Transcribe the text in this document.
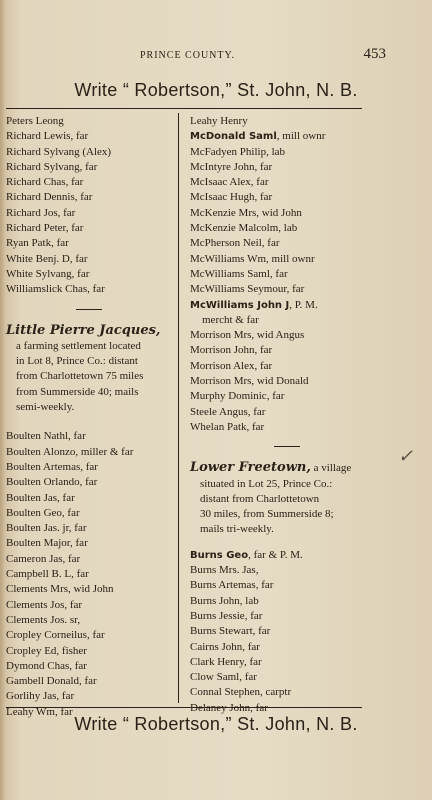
PRINCE COUNTY.	453
Write “ Robertson,” St. John, N. B.
Peters Leong
Richard Lewis, far
Richard Sylvang (Alex)
Richard Sylvang, far
Richard Chas, far
Richard Dennis, far
Richard Jos, far
Richard Peter, far
Ryan Patk, far
White Benj. D, far
White Sylvang, far
Williamslick Chas, far
Little Pierre Jacques,
a farming settlement located
in Lot 8, Prince Co.: distant
from Charlottetown 75 miles
from Summerside 40; mails
semi-weekly.
Boulten Nathl, far
Boulten Alonzo, miller & far
Boulten Artemas, far
Boulten Orlando, far
Boulten Jas, far
Boulten Geo, far
Boulten Jas. jr, far
Boulten Major, far
Cameron Jas, far
Campbell B. L, far
Clements Mrs, wid John
Clements Jos, far
Clements Jos. sr,
Cropley Corneilus, far
Cropley Ed, fisher
Dymond Chas, far
Gambell Donald, far
Gorlihy Jas, far
Leahy Wm, far
Leahy Henry
McDonald Saml, mill ownr
McFadyen Philip, lab
McIntyre John, far
McIsaac Alex, far
McIsaac Hugh, far
McKenzie Mrs, wid John
McKenzie Malcolm, lab
McPherson Neil, far
McWilliams Wm, mill ownr
McWilliams Saml, far
McWilliams Seymour, far
McWilliams John J, P. M.
mercht & far
Morrison Mrs, wid Angus
Morrison John, far
Morrison Alex, far
Morrison Mrs, wid Donald
Murphy Dominic, far
Steele Angus, far
Whelan Patk, far
Lower Freetown, a village
situated in Lot 25, Prince Co.:
distant from Charlottetown
30 miles, from Summerside 8;
mails tri-weekly.
Burns Geo, far & P. M.
Burns Mrs. Jas,
Burns Artemas, far
Burns John, lab
Burns Jessie, far
Burns Stewart, far
Cairns John, far
Clark Henry, far
Clow Saml, far
Connal Stephen, carptr
Delaney John, far
✓
Write “ Robertson,” St. John, N. B.
